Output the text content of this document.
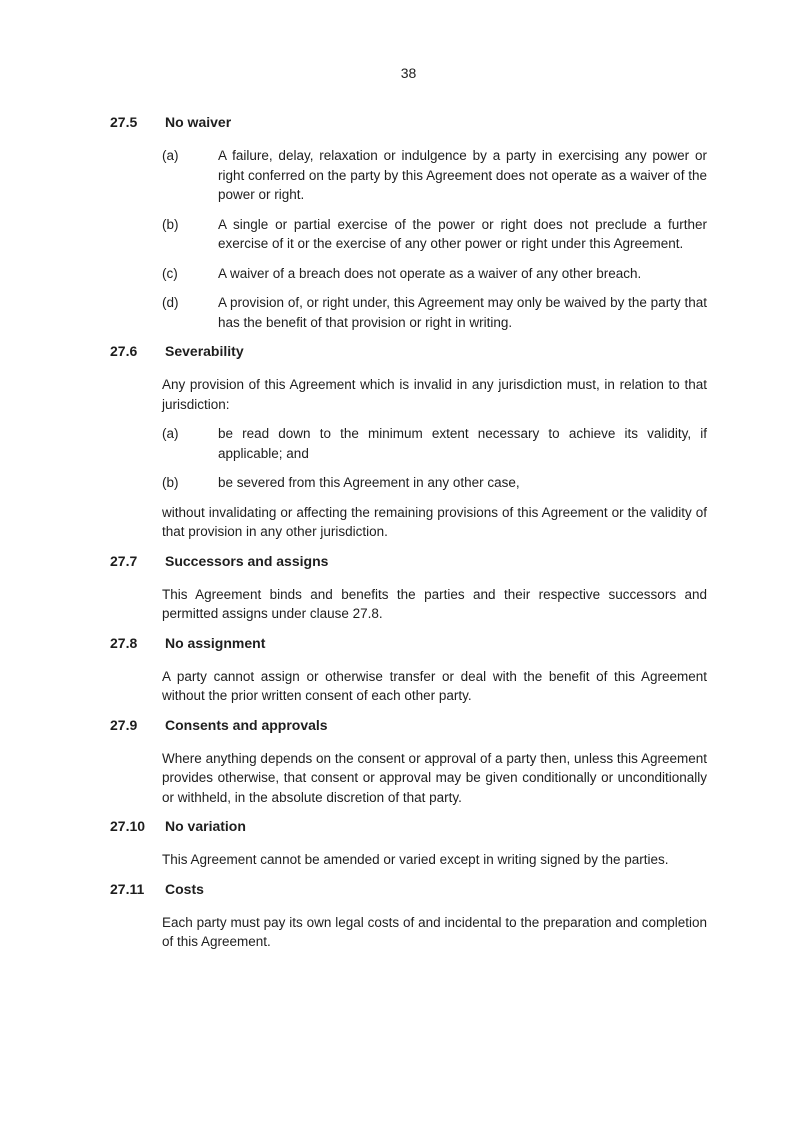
38
27.5	No waiver
(a)	A failure, delay, relaxation or indulgence by a party in exercising any power or right conferred on the party by this Agreement does not operate as a waiver of the power or right.
(b)	A single or partial exercise of the power or right does not preclude a further exercise of it or the exercise of any other power or right under this Agreement.
(c)	A waiver of a breach does not operate as a waiver of any other breach.
(d)	A provision of, or right under, this Agreement may only be waived by the party that has the benefit of that provision or right in writing.
27.6	Severability

Any provision of this Agreement which is invalid in any jurisdiction must, in relation to that jurisdiction:

(a)	be read down to the minimum extent necessary to achieve its validity, if applicable; and
(b)	be severed from this Agreement in any other case,

without invalidating or affecting the remaining provisions of this Agreement or the validity of that provision in any other jurisdiction.

27.7	Successors and assigns

This Agreement binds and benefits the parties and their respective successors and permitted assigns under clause 27.8.

27.8	No assignment

A party cannot assign or otherwise transfer or deal with the benefit of this Agreement without the prior written consent of each other party.

27.9	Consents and approvals

Where anything depends on the consent or approval of a party then, unless this Agreement provides otherwise, that consent or approval may be given conditionally or unconditionally or withheld, in the absolute discretion of that party.

27.10	No variation

This Agreement cannot be amended or varied except in writing signed by the parties.

27.11	Costs

Each party must pay its own legal costs of and incidental to the preparation and completion of this Agreement.
